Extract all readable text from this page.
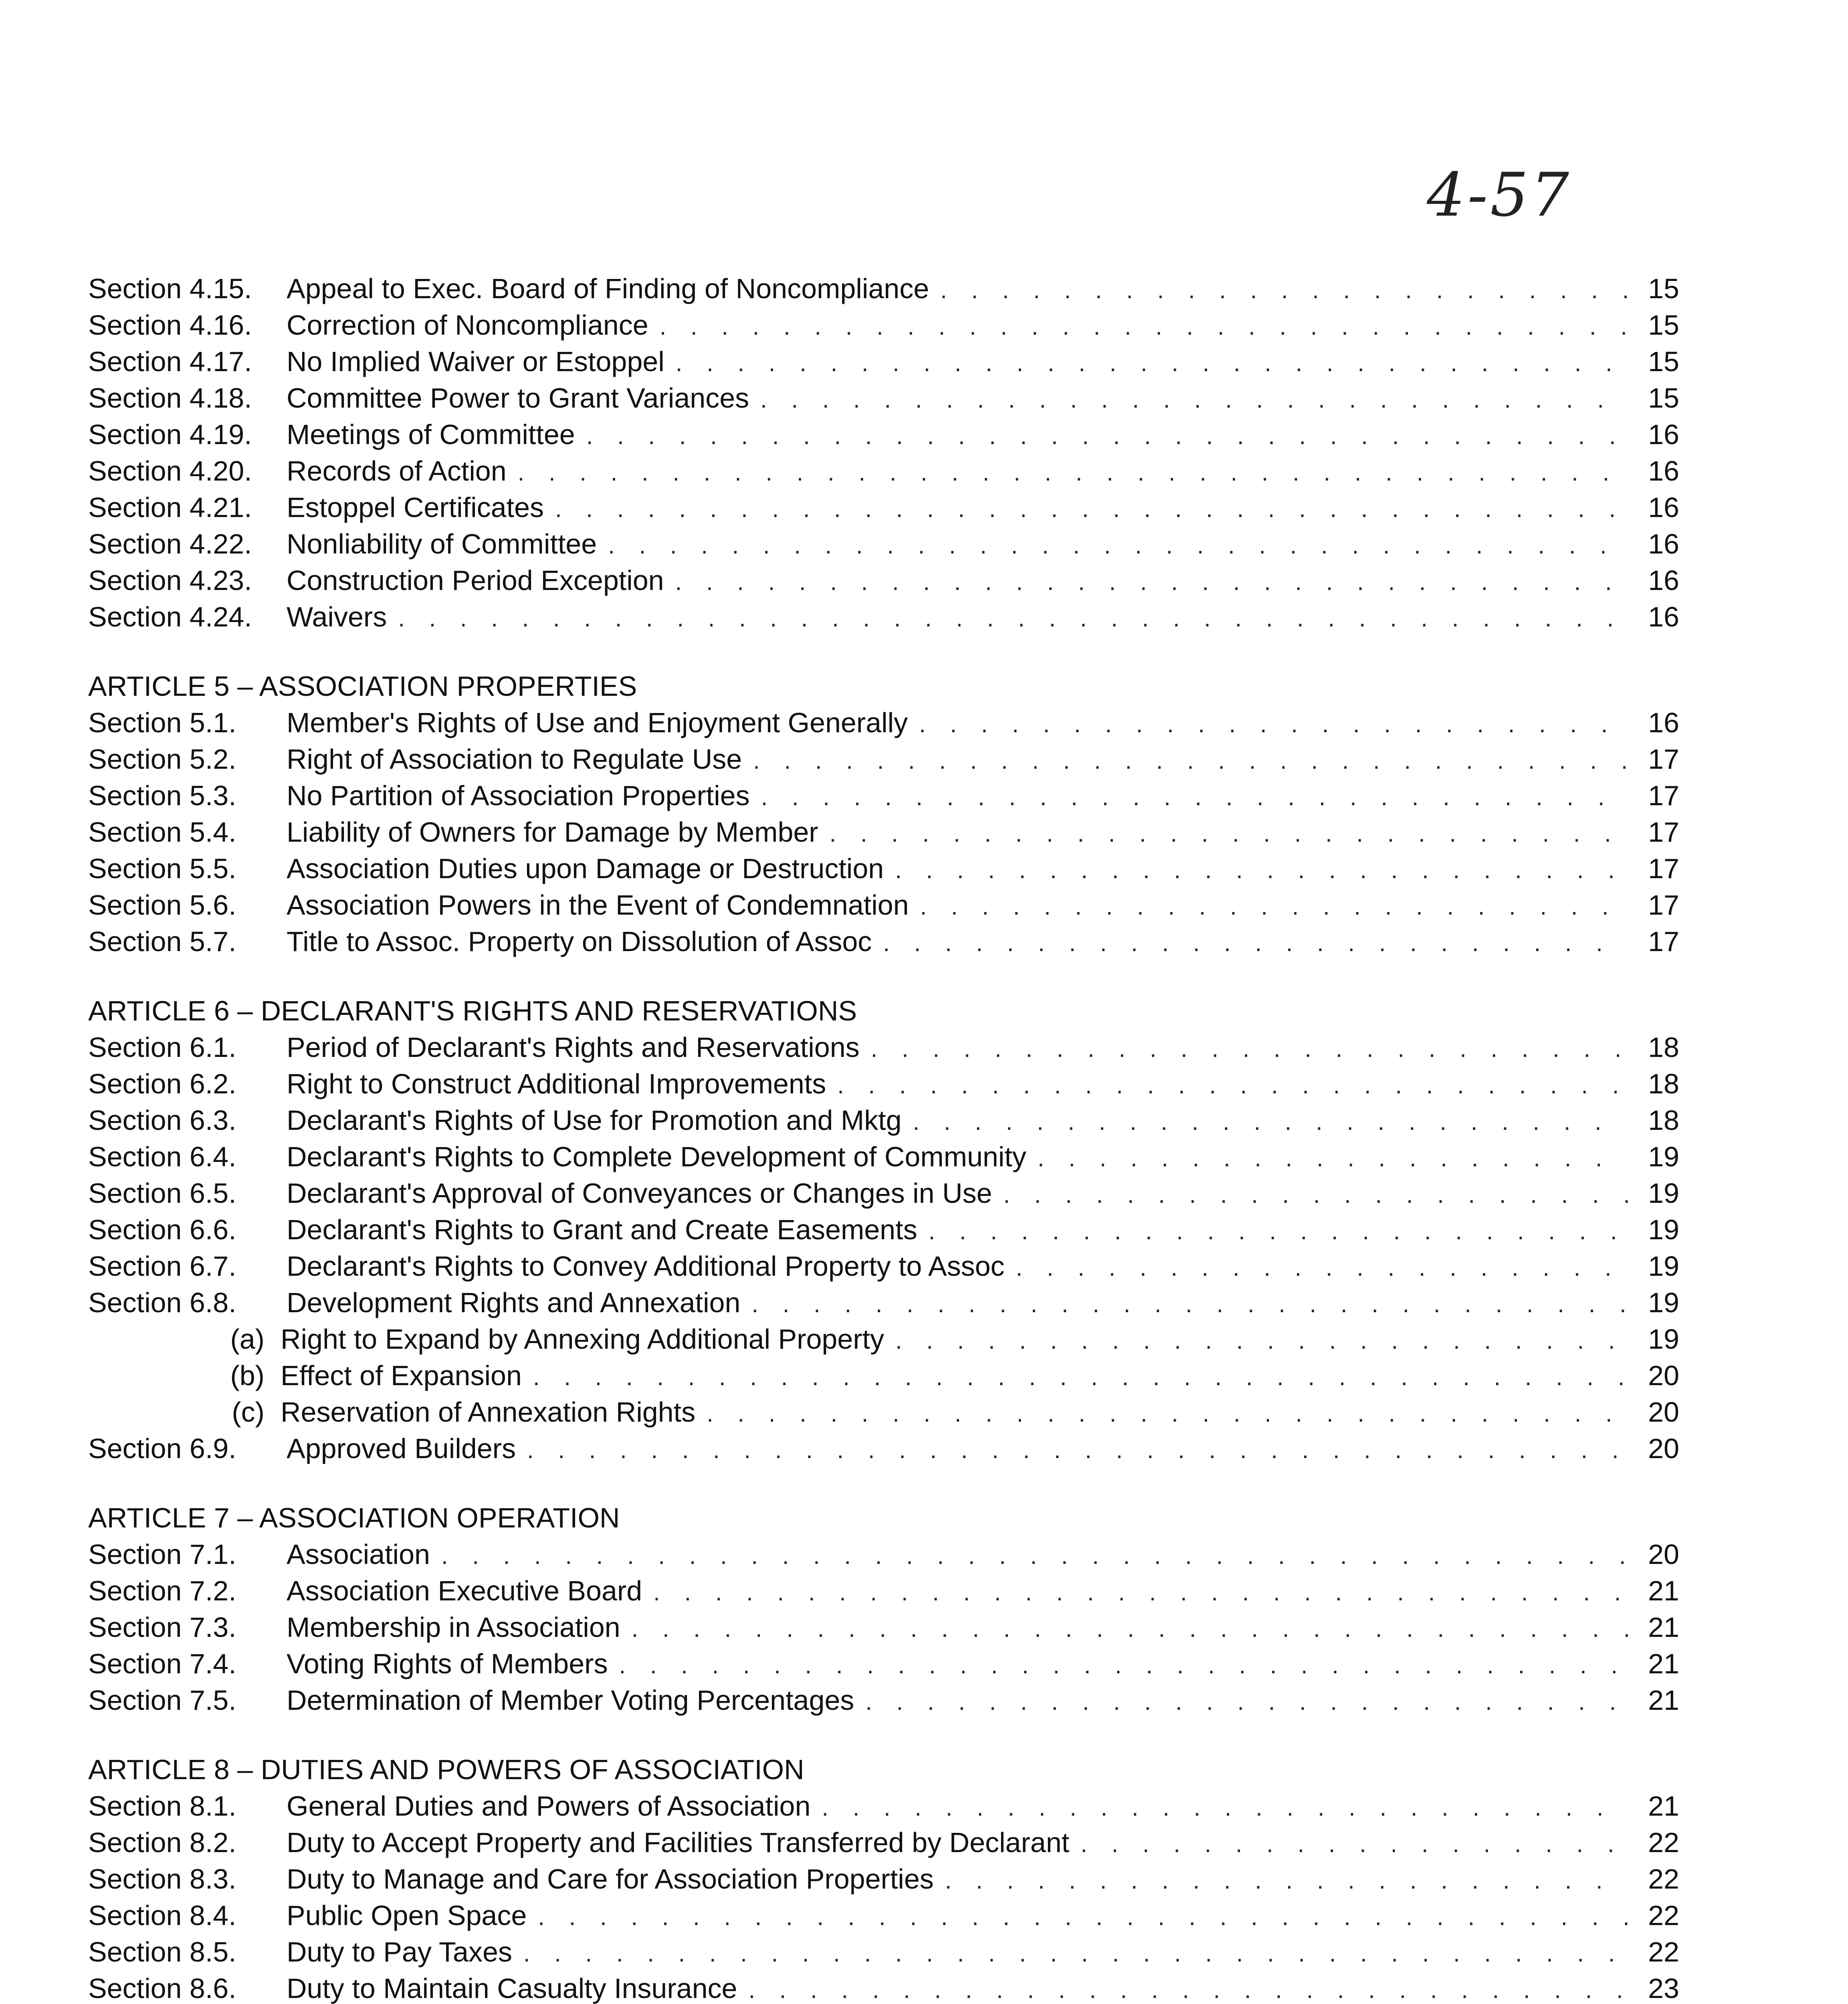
4-57
Section 4.15.	Appeal to Exec. Board of Finding of Noncompliance . . .	15
Section 4.16.	Correction of Noncompliance . . .	15
Section 4.17.	No Implied Waiver or Estoppel . . .	15
Section 4.18.	Committee Power to Grant Variances . . .	15
Section 4.19.	Meetings of Committee . . .	16
Section 4.20.	Records of Action . . .	16
Section 4.21.	Estoppel Certificates . . .	16
Section 4.22.	Nonliability of Committee . . .	16
Section 4.23.	Construction Period Exception . . .	16
Section 4.24.	Waivers . . .	16
ARTICLE 5 – ASSOCIATION PROPERTIES
Section 5.1.	Member's Rights of Use and Enjoyment Generally . . .	16
Section 5.2.	Right of Association to Regulate Use . . .	17
Section 5.3.	No Partition of Association Properties . . .	17
Section 5.4.	Liability of Owners for Damage by Member . . .	17
Section 5.5.	Association Duties upon Damage or Destruction . . .	17
Section 5.6.	Association Powers in the Event of Condemnation . . .	17
Section 5.7.	Title to Assoc. Property on Dissolution of Assoc . . .	17
ARTICLE 6 – DECLARANT'S RIGHTS AND RESERVATIONS
Section 6.1.	Period of Declarant's Rights and Reservations . . .	18
Section 6.2.	Right to Construct Additional Improvements . . .	18
Section 6.3.	Declarant's Rights of Use for Promotion and Mktg . . .	18
Section 6.4.	Declarant's Rights to Complete Development of Community . . .	19
Section 6.5.	Declarant's Approval of Conveyances or Changes in Use . . .	19
Section 6.6.	Declarant's Rights to Grant and Create Easements . . .	19
Section 6.7.	Declarant's Rights to Convey Additional Property to Assoc . . .	19
Section 6.8.	Development Rights and Annexation . . .	19
(a) Right to Expand by Annexing Additional Property . . .	19
(b) Effect of Expansion . . .	20
(c) Reservation of Annexation Rights . . .	20
Section 6.9.	Approved Builders . . .	20
ARTICLE 7 – ASSOCIATION OPERATION
Section 7.1.	Association . . .	20
Section 7.2.	Association Executive Board . . .	21
Section 7.3.	Membership in Association . . .	21
Section 7.4.	Voting Rights of Members . . .	21
Section 7.5.	Determination of Member Voting Percentages . . .	21
ARTICLE 8 – DUTIES AND POWERS OF ASSOCIATION
Section 8.1.	General Duties and Powers of Association . . .	21
Section 8.2.	Duty to Accept Property and Facilities Transferred by Declarant . . .	22
Section 8.3.	Duty to Manage and Care for Association Properties . . .	22
Section 8.4.	Public Open Space . . .	22
Section 8.5.	Duty to Pay Taxes . . .	22
Section 8.6.	Duty to Maintain Casualty Insurance . . .	23
